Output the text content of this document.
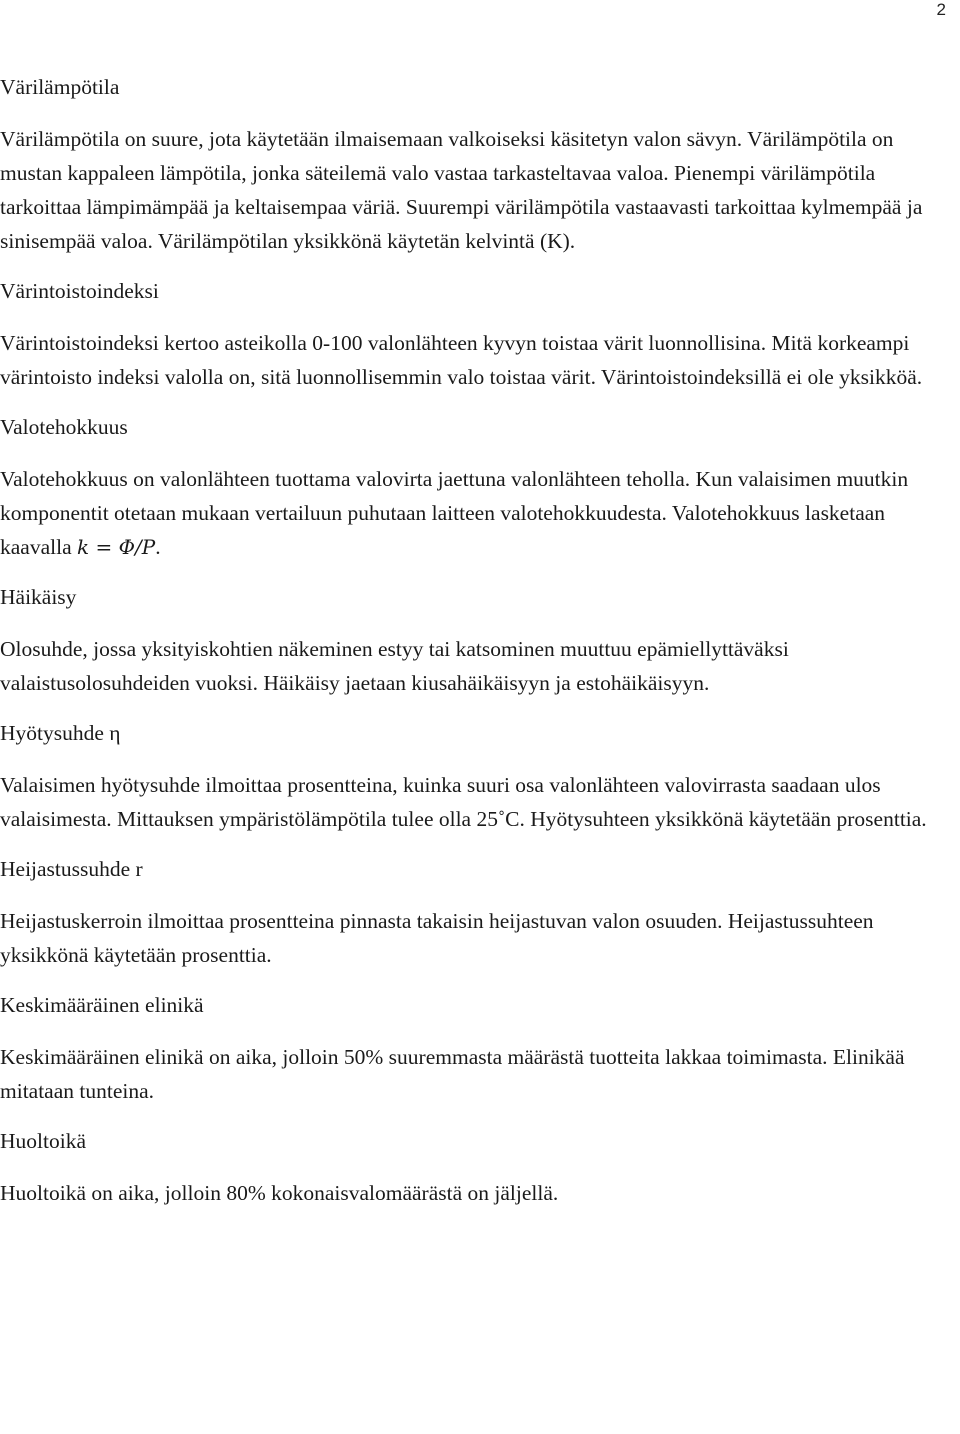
2
Värilämpötila

Värilämpötila on suure, jota käytetään ilmaisemaan valkoiseksi käsitetyn valon sävyn. Värilämpötila on mustan kappaleen lämpötila, jonka säteilemä valo vastaa tarkasteltavaa valoa. Pienempi värilämpötila tarkoittaa lämpimämpää ja keltaisempaa väriä. Suurempi värilämpötila vastaavasti tarkoittaa kylmempää ja sinisempää valoa. Värilämpötilan yksikkönä käytetän kelvintä (K).

Värintoistoindeksi

Värintoistoindeksi kertoo asteikolla 0-100 valonlähteen kyvyn toistaa värit luonnollisina. Mitä korkeampi värintoisto indeksi valolla on, sitä luonnollisemmin valo toistaa värit. Värintoistoindeksillä ei ole yksikköä.

Valotehokkuus

Valotehokkuus on valonlähteen tuottama valovirta jaettuna valonlähteen teholla. Kun valaisimen muutkin komponentit otetaan mukaan vertailuun puhutaan laitteen valotehokkuudesta. Valotehokkuus lasketaan kaavalla k = Φ/P.

Häikäisy

Olosuhde, jossa yksityiskohtien näkeminen estyy tai katsominen muuttuu epämiellyttäväksi valaistusolosuhdeiden vuoksi. Häikäisy jaetaan kiusahäikäisyyn ja estohäikäisyyn.

Hyötysuhde η

Valaisimen hyötysuhde ilmoittaa prosentteina, kuinka suuri osa valonlähteen valovirrasta saadaan ulos valaisimesta. Mittauksen ympäristölämpötila tulee olla 25˚C. Hyötysuhteen yksikkönä käytetään prosenttia.

Heijastussuhde r

Heijastuskerroin ilmoittaa prosentteina pinnasta takaisin heijastuvan valon osuuden. Heijastussuhteen yksikkönä käytetään prosenttia.

Keskimääräinen elinikä

Keskimääräinen elinikä on aika, jolloin 50% suuremmasta määrästä tuotteita lakkaa toimimasta. Elinikää mitataan tunteina.

Huoltoikä

Huoltoikä on aika, jolloin 80% kokonaisvalomäärästä on jäljellä.
